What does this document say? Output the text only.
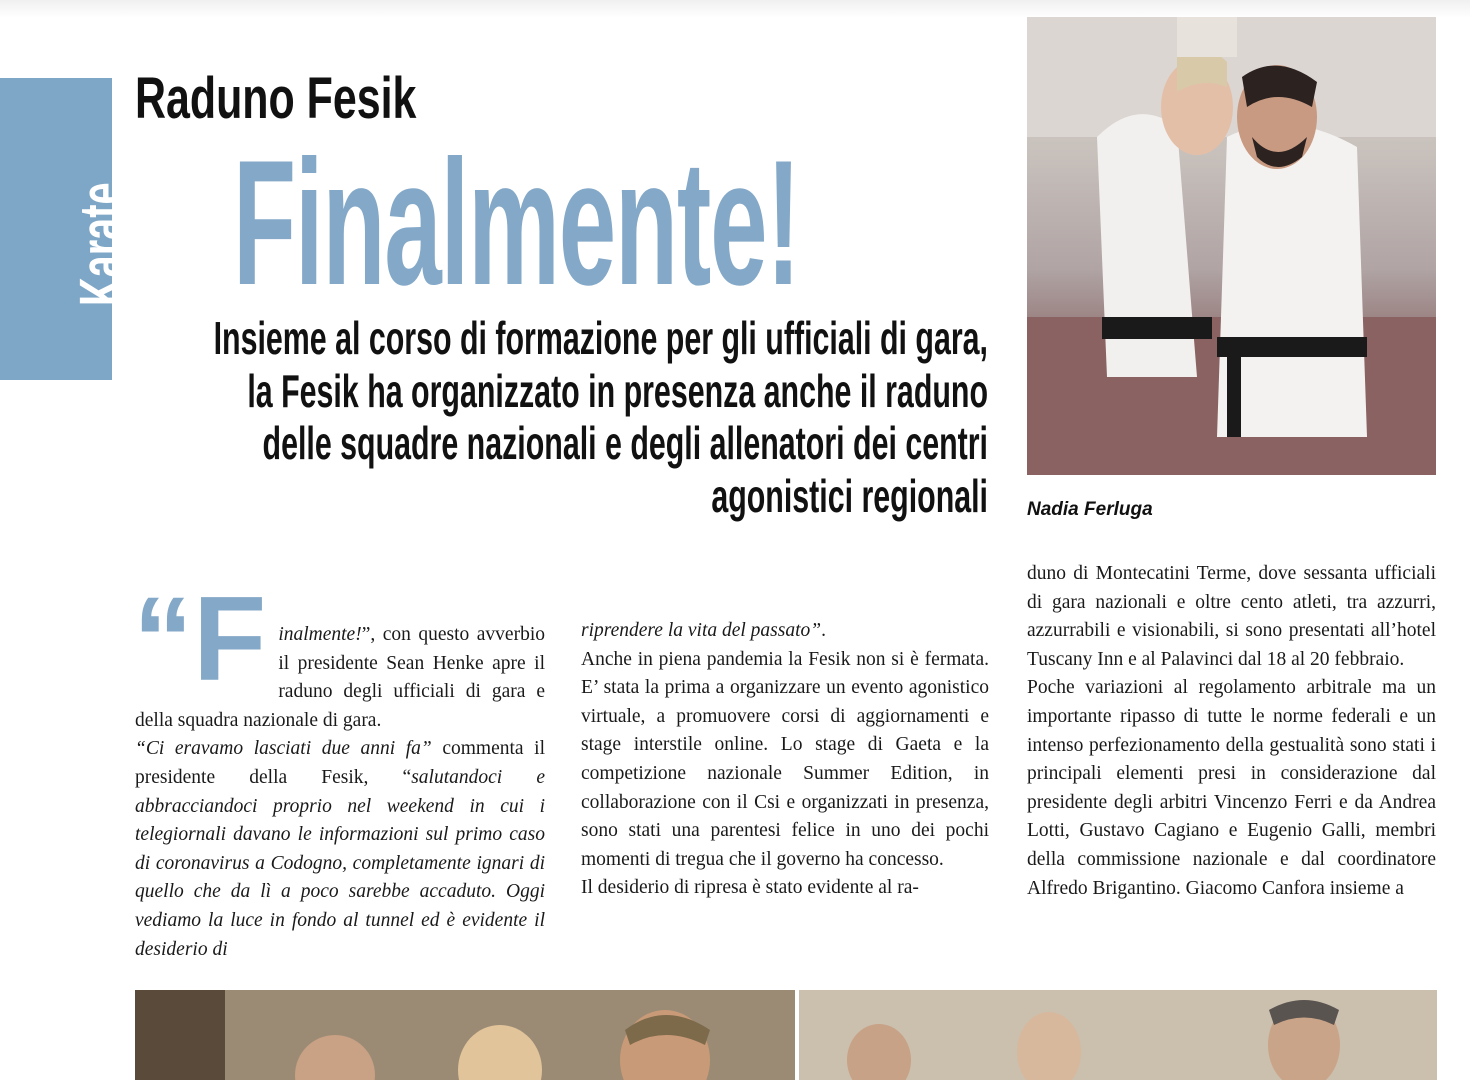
Karate
Raduno Fesik
Finalmente!
Insieme al corso di formazione per gli ufficiali di gara, la Fesik ha organizzato in presenza anche il raduno delle squadre nazionali e degli allenatori dei centri agonistici regionali Nadia Ferluga

“F inalmente!”, con questo avverbio il presidente Sean Henke apre il raduno degli ufficiali di gara e della squadra nazionale di gara.

“Ci eravamo lasciati due anni fa” commenta il presidente della Fesik, “salutandoci e abbracciandoci proprio nel weekend in cui i telegiornali davano le informazioni sul primo caso di coronavirus a Codogno, completamente ignari di quello che da lì a poco sarebbe accaduto. Oggi vediamo la luce in fondo al tunnel ed è evidente il desiderio di

riprendere la vita del passato”.

Anche in piena pandemia la Fesik non si è fermata. E’ stata la prima a organizzare un evento agonistico virtuale, a promuovere corsi di aggiornamenti e stage interstile online. Lo stage di Gaeta e la competizione nazionale Summer Edition, in collaborazione con il Csi e organizzati in presenza, sono stati una parentesi felice in uno dei pochi momenti di tregua che il governo ha concesso.

Il desiderio di ripresa è stato evidente al ra-

duno di Montecatini Terme, dove sessanta ufficiali di gara nazionali e oltre cento atleti, tra azzurri, azzurrabili e visionabili, si sono presentati all’hotel Tuscany Inn e al Palavinci dal 18 al 20 febbraio.

Poche variazioni al regolamento arbitrale ma un importante ripasso di tutte le norme federali e un intenso perfezionamento della gestualità sono stati i principali elementi presi in considerazione dal presidente degli arbitri Vincenzo Ferri e da Andrea Lotti, Gustavo Cagiano e Eugenio Galli, membri della commissione nazionale e dal coordinatore Alfredo Brigantino. Giacomo Canfora insieme a
